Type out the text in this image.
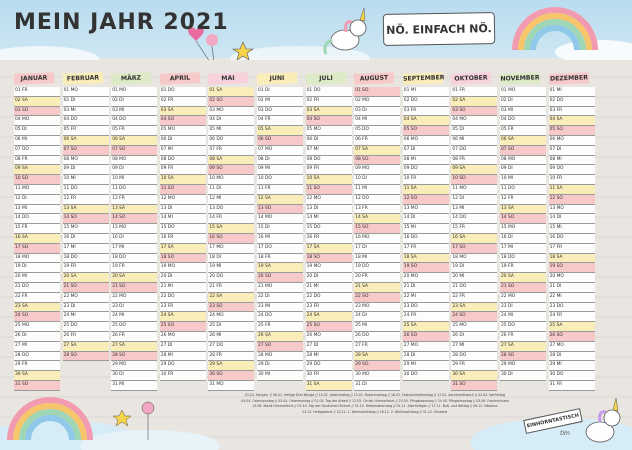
MEIN JAHR 2021	NÖ. EINFACH NÖ.
JANUAR
01 FR
02 SA
03 SO
04 MO
05 DI
06 MI
07 DO
08 FR
09 SA
10 SO
11 MO
12 DI
13 MI
14 DO
15 FR
16 SA
17 SO
18 MO
19 DI
20 MI
21 DO
22 FR
23 SA
24 SO
25 MO
26 DI
27 MI
28 DO
29 FR
30 SA
31 SO
FEBRUAR
01 MO
02 DI
03 MI
04 DO
05 FR
06 SA
07 SO
08 MO
09 DI
10 MI
11 DO
12 FR
13 SA
14 SO
15 MO
16 DI
17 MI
18 DO
19 FR
20 SA
21 SO
22 MO
23 DI
24 MI
25 DO
26 FR
27 SA
28 SO
MÄRZ
01 MO
02 DI
03 MI
04 DO
05 FR
06 SA
07 SO
08 MO
09 DI
10 MI
11 DO
12 FR
13 SA
14 SO
15 MO
16 DI
17 MI
18 DO
19 FR
20 SA
21 SO
22 MO
23 DI
24 MI
25 DO
26 FR
27 SA
28 SO
29 MO
30 DI
31 MI
APRIL
01 DO
02 FR
03 SA
04 SO
05 MO
06 DI
07 MI
08 DO
09 FR
10 SA
11 SO
12 MO
13 DI
14 MI
15 DO
16 FR
17 SA
18 SO
19 MO
20 DI
21 MI
22 DO
23 FR
24 SA
25 SO
26 MO
27 DI
28 MI
29 DO
30 FR
MAI
01 SA
02 SO
03 MO
04 DI
05 MI
06 DO
07 FR
08 SA
09 SO
10 MO
11 DI
12 MI
13 DO
14 FR
15 SA
16 SO
17 MO
18 DI
19 MI
20 DO
21 FR
22 SA
23 SO
24 MO
25 DI
26 MI
27 DO
28 FR
29 SA
30 SO
31 MO
JUNI
01 DI
02 MI
03 DO
04 FR
05 SA
06 SO
07 MO
08 DI
09 MI
10 DO
11 FR
12 SA
13 SO
14 MO
15 DI
16 MI
17 DO
18 FR
19 SA
20 SO
21 MO
22 DI
23 MI
24 DO
25 FR
26 SA
27 SO
28 MO
29 DI
30 MI
JULI
01 DO
02 FR
03 SA
04 SO
05 MO
06 DI
07 MI
08 DO
09 FR
10 SA
11 SO
12 MO
13 DI
14 MI
15 DO
16 FR
17 SA
18 SO
19 MO
20 DI
21 MI
22 DO
23 FR
24 SA
25 SO
26 MO
27 DI
28 MI
29 DO
30 FR
31 SA
AUGUST
01 SO
02 MO
03 DI
04 MI
05 DO
06 FR
07 SA
08 SO
09 MO
10 DI
11 MI
12 DO
13 FR
14 SA
15 SO
16 MO
17 DI
18 MI
19 DO
20 FR
21 SA
22 SO
23 MO
24 DI
25 MI
26 DO
27 FR
28 SA
29 SO
30 MO
31 DI
SEPTEMBER
01 MI
02 DO
03 FR
04 SA
05 SO
06 MO
07 DI
08 MI
09 DO
10 FR
11 SA
12 SO
13 MO
14 DI
15 MI
16 DO
17 FR
18 SA
19 SO
20 MO
21 DI
22 MI
23 DO
24 FR
25 SA
26 SO
27 MO
28 DI
29 MI
30 DO
OKTOBER
01 FR
02 SA
03 SO
04 MO
05 DI
06 MI
07 DO
08 FR
09 SA
10 SO
11 MO
12 DI
13 MI
14 DO
15 FR
16 SA
17 SO
18 MO
19 DI
20 MI
21 DO
22 FR
23 SA
24 SO
25 MO
26 DI
27 MI
28 DO
29 FR
30 SA
31 SO
NOVEMBER
01 MO
02 DI
03 MI
04 DO
05 FR
06 SA
07 SO
08 MO
09 DI
10 MI
11 DO
12 FR
13 SA
14 SO
15 MO
16 DI
17 MI
18 DO
19 FR
20 SA
21 SO
22 MO
23 DI
24 MI
25 DO
26 FR
27 SA
28 SO
29 MO
30 DI
DEZEMBER
01 MI
02 DO
03 FR
04 SA
05 SO
06 MO
07 DI
08 MI
09 DO
10 FR
11 SA
12 SO
13 MO
14 DI
15 MI
16 DO
17 FR
18 SA
19 SO
20 MO
21 DI
22 MI
23 DO
24 FR
25 SA
26 SO
27 MO
28 DI
29 MI
30 DO
31 FR
01.01. Neujahr // 06.01. Heilige Drei Könige // 14.02. Valentinstag // 15.02. Rosenmontag // 16.02. Fastnachtsdienstag // 17.02. Aschermittwoch // 02.04. Karfreitag
04.04. Ostersonntag // 05.04. Ostermontag // 01.05. Tag der Arbeit // 13.05. Christi Himmelfahrt // 23.05. Pfingstsonntag // 24.05. Pfingstmontag // 03.06. Fronleichnam
15.08. Mariä Himmelfahrt // 03.10. Tag der Deutschen Einheit // 31.10. Reformationstag // 01.11. Allerheiligen // 17.11. Buß- und Bettag // 06.12. Nikolaus
24.12. Heiligabend // 25.12. 1. Weihnachtstag // 26.12. 2. Weihnachtstag // 31.12. Silvester
EINHORNTASTISCH
tim
